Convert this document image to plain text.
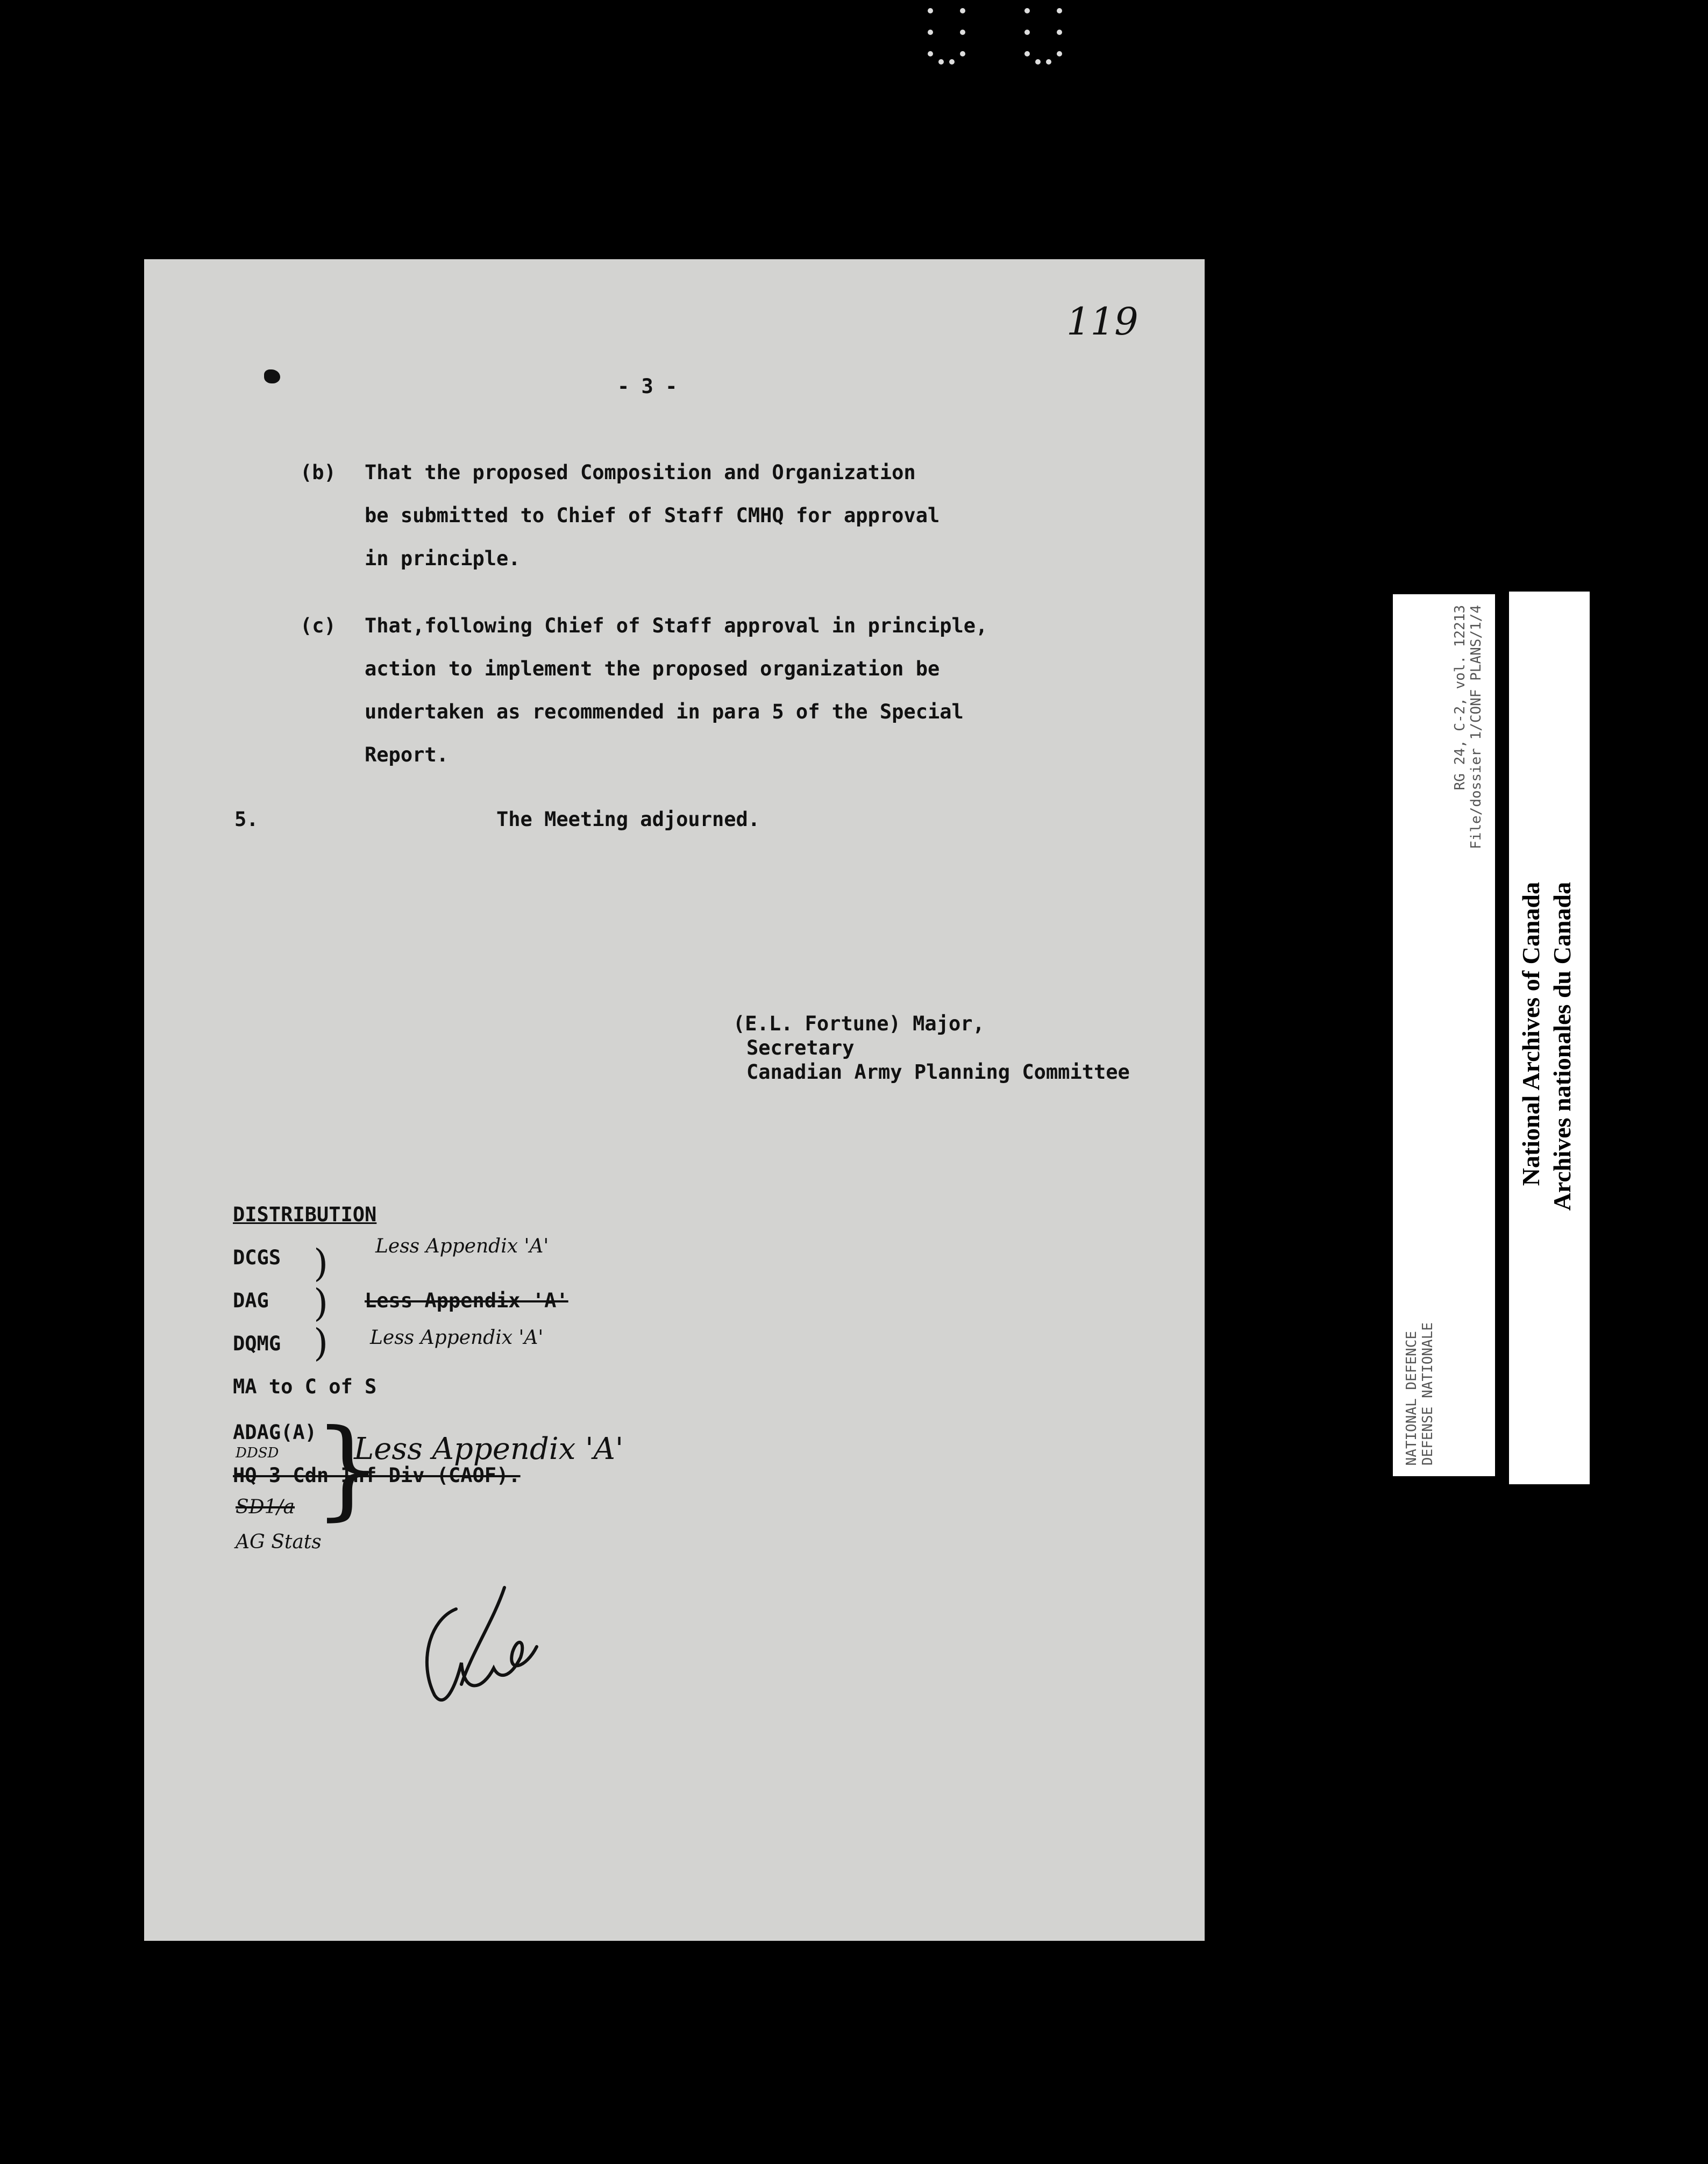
119
- 3 -
(b) That the proposed Composition and Organization
be submitted to Chief of Staff CMHQ for approval
in principle.
(c) That,following Chief of Staff approval in principle,
action to implement the proposed organization be
undertaken as recommended in para 5 of the Special
Report.
5.	The Meeting adjourned.
(E.L. Fortune) Major,
Secretary
Canadian Army Planning Committee
DISTRIBUTION
DCGS	Less Appendix 'A'
DAG	Less Appendix 'A'
DQMG	Less Appendix 'A'
)
)
)
MA to C of S
ADAG(A)
DDSD
HQ 3 Cdn Inf Div (CAOF).
Less Appendix 'A'
}
SD1/a
AG Stats
NATIONAL DEFENCE DEFENSE NATIONALE
RG 24, C-2, vol. 12213 File/dossier 1/CONF PLANS/1/4
National Archives of Canada Archives nationales du Canada
